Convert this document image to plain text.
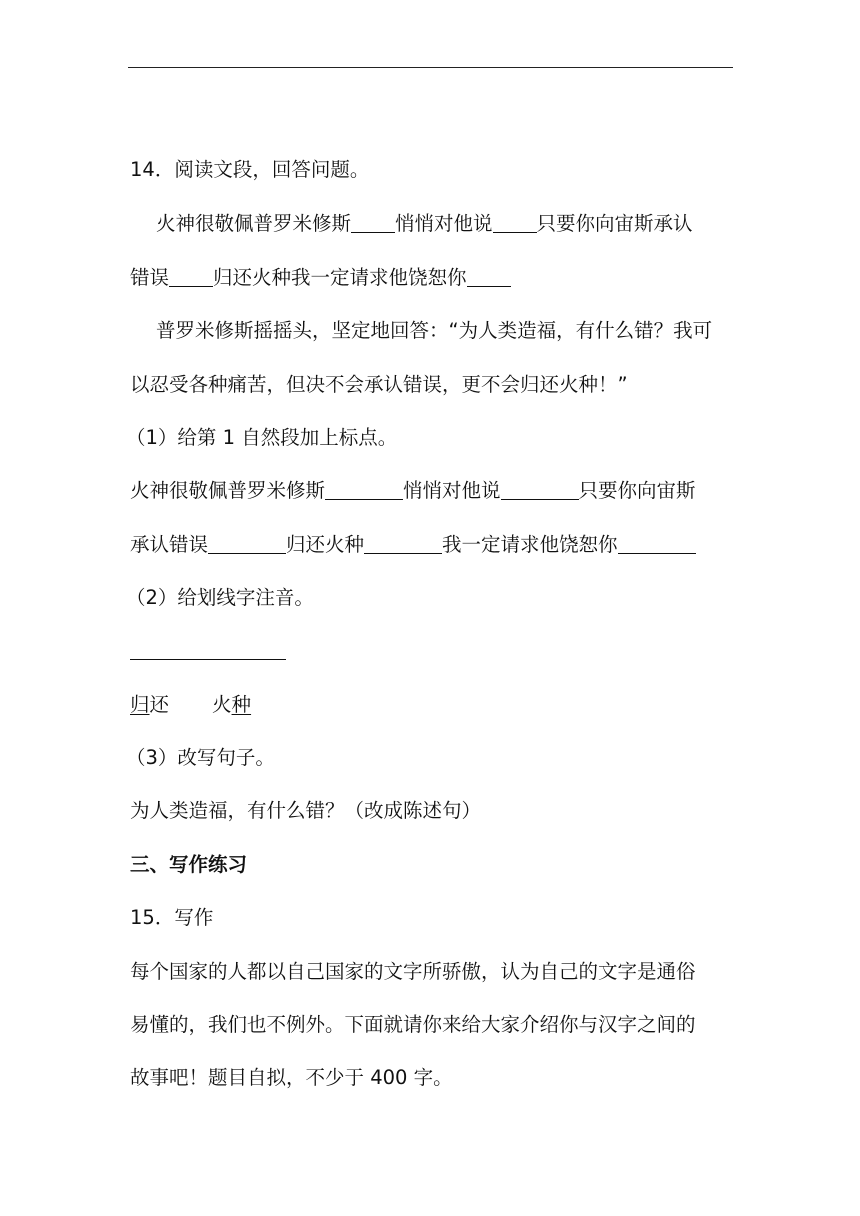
14．阅读文段，回答问题。
火神很敬佩普罗米修斯 悄悄对他说 只要你向宙斯承认
错误 归还火种我一定请求他饶恕你
普罗米修斯摇摇头，坚定地回答：“为人类造福，有什么错？我可
以忍受各种痛苦，但决不会承认错误，更不会归还火种！”
（1）给第 1 自然段加上标点。
火神很敬佩普罗米修斯	悄悄对他说	只要你向宙斯
承认错误	归还火种	我一定请求他饶恕你
（2）给划线字注音。
归还 火种
（3）改写句子。
为人类造福，有什么错？（改成陈述句）
三、写作练习
15．写作
每个国家的人都以自己国家的文字所骄傲，认为自己的文字是通俗
易懂的，我们也不例外。下面就请你来给大家介绍你与汉字之间的
故事吧！题目自拟，不少于 400 字。
